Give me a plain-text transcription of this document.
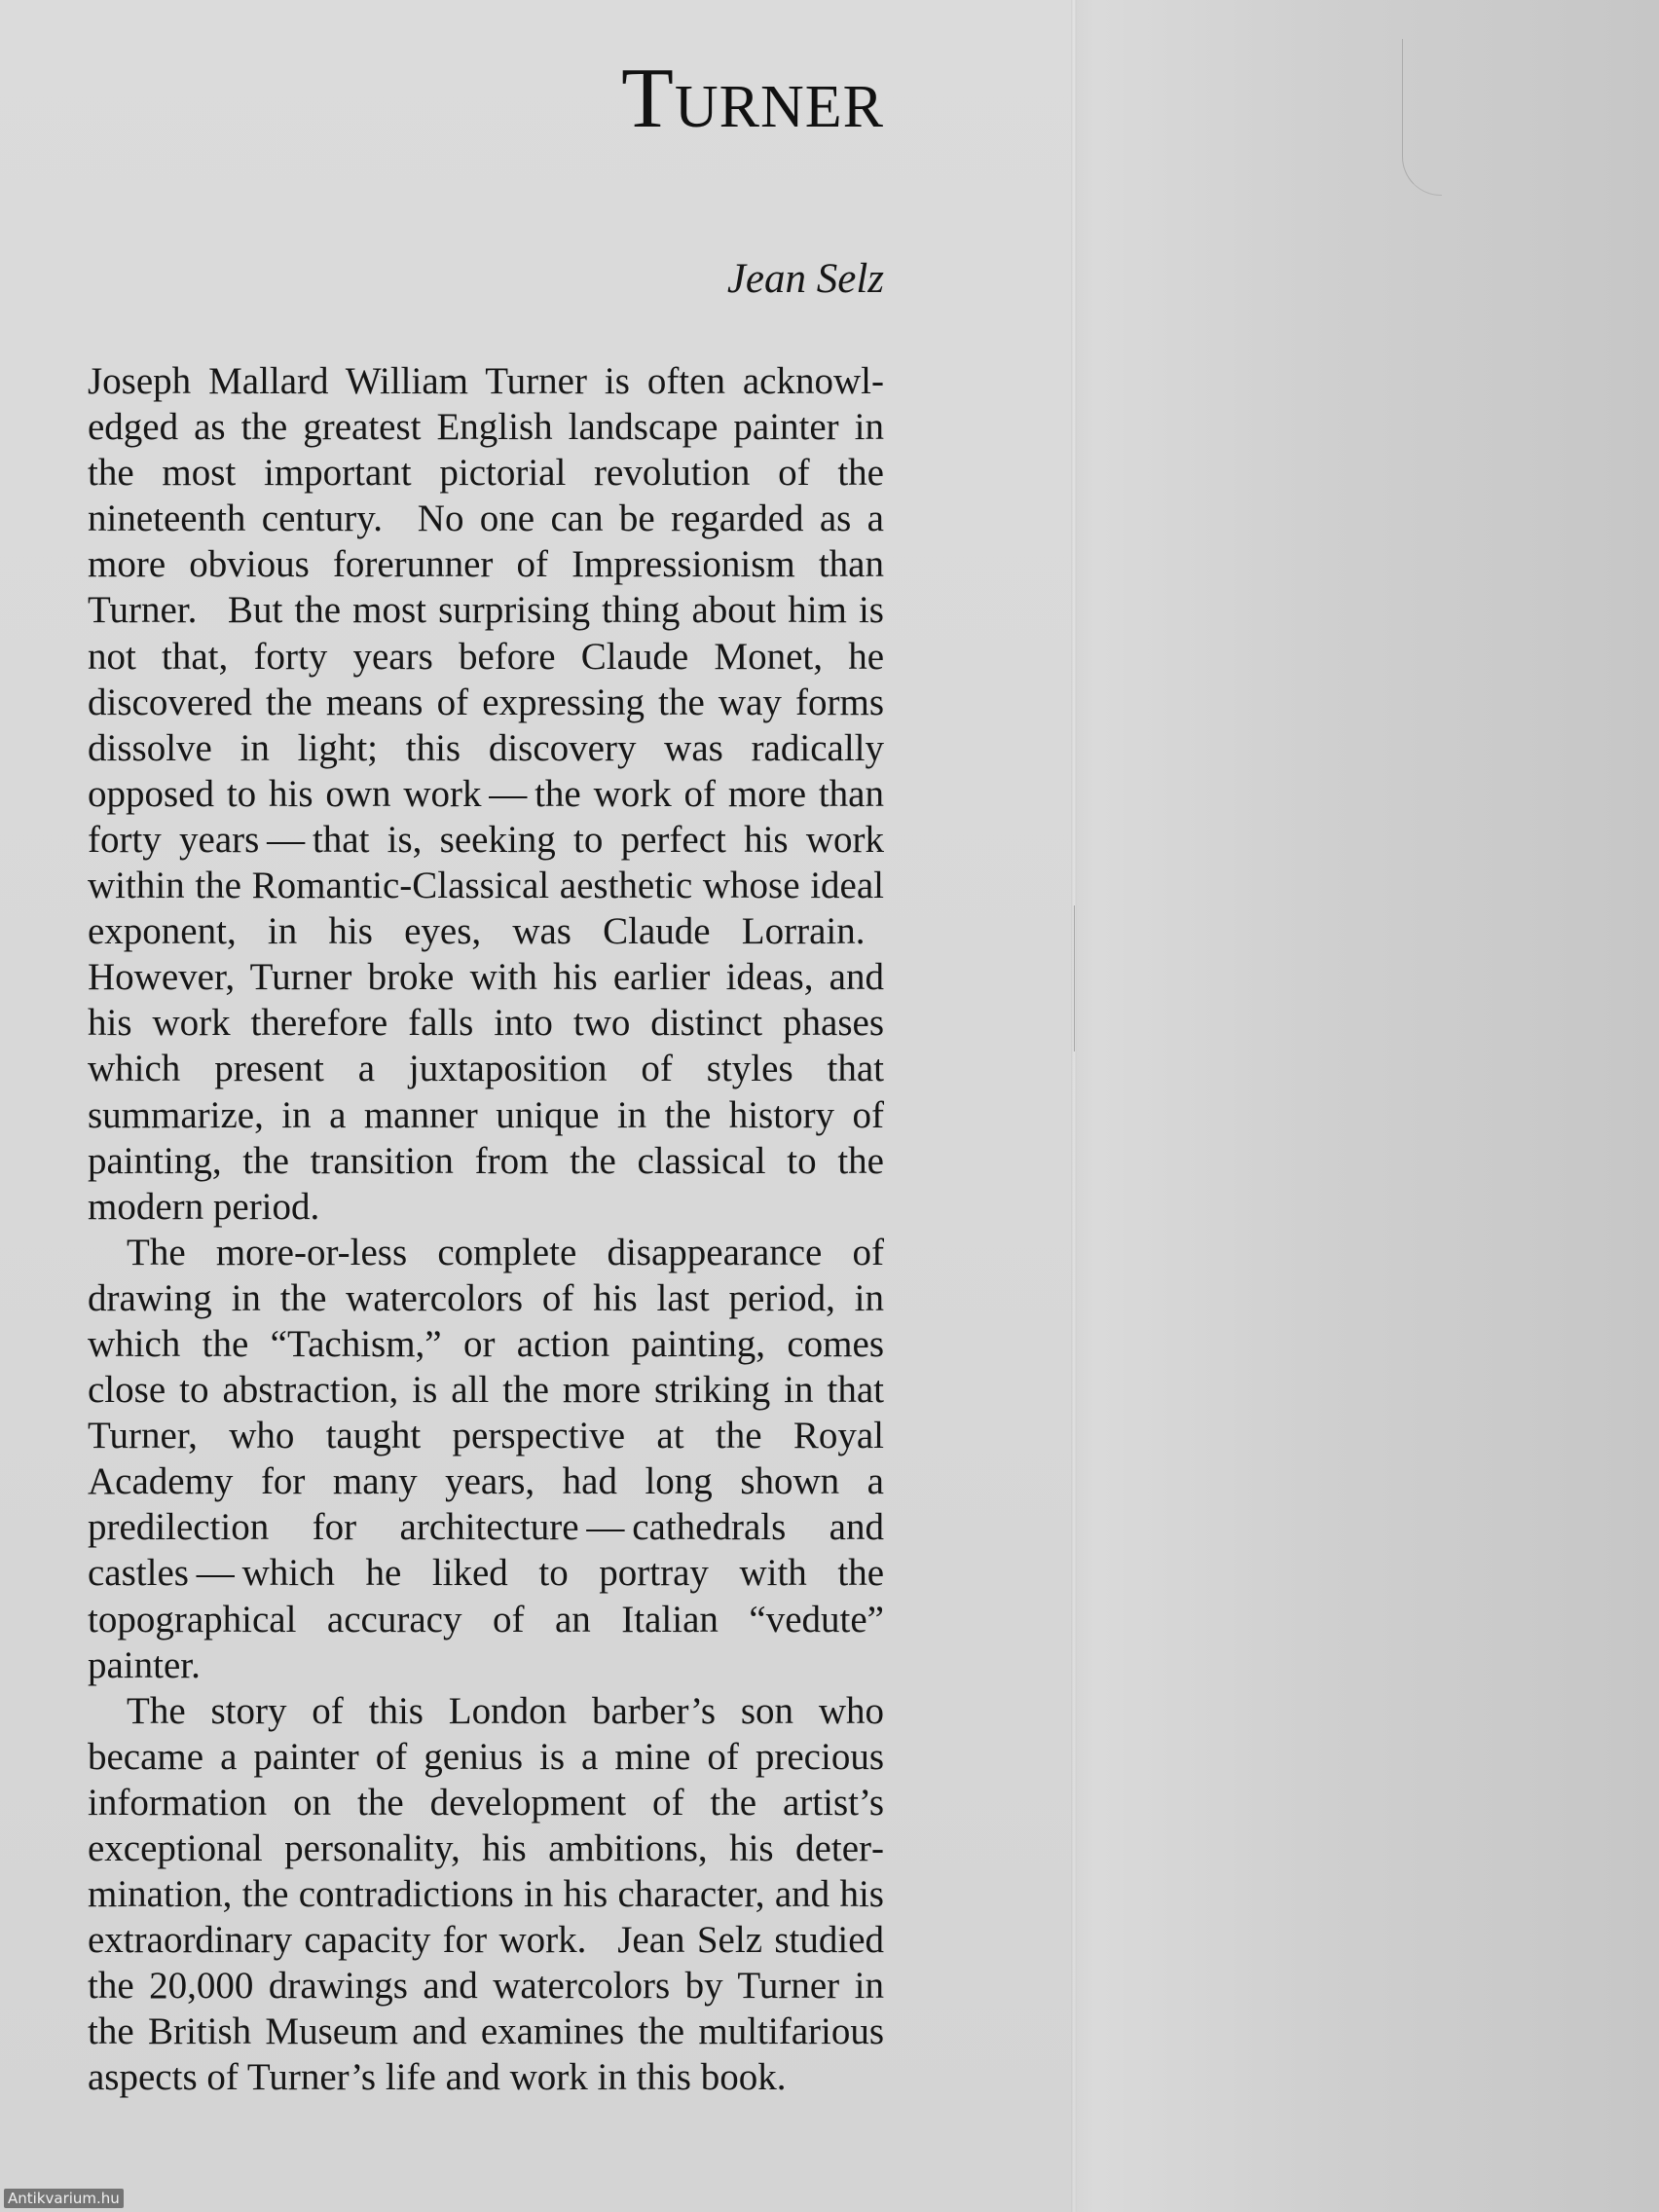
Turner
Jean Selz

Joseph Mallard William Turner is often acknowledged as the greatest English landscape painter in the most important pictorial revolution of the nineteenth century.  No one can be regarded as a more obvious forerunner of Impressionism than Turner.  But the most surprising thing about him is not that, forty years before Claude Monet, he discovered the means of expressing the way forms dissolve in light; this discovery was radically opposed to his own work — the work of more than forty years — that is, seeking to perfect his work within the Romantic-Classical aesthetic whose ideal exponent, in his eyes, was Claude Lorrain.  However, Turner broke with his earlier ideas, and his work therefore falls into two distinct phases which present a juxtaposition of styles that summarize, in a manner unique in the history of painting, the transition from the classical to the modern period.

The more-or-less complete disappearance of drawing in the watercolors of his last period, in which the “Tachism,” or action painting, comes close to abstraction, is all the more striking in that Turner, who taught perspective at the Royal Academy for many years, had long shown a predilection for architecture — cathedrals and castles — which he liked to portray with the topographical accuracy of an Italian “vedute” painter.

The story of this London barber’s son who became a painter of genius is a mine of precious information on the development of the artist’s exceptional personality, his ambitions, his determination, the contradictions in his character, and his extraordinary capacity for work.  Jean Selz studied the 20,000 drawings and watercolors by Turner in the British Museum and examines the multifarious aspects of Turner’s life and work in this book.

Antikvarium.hu
